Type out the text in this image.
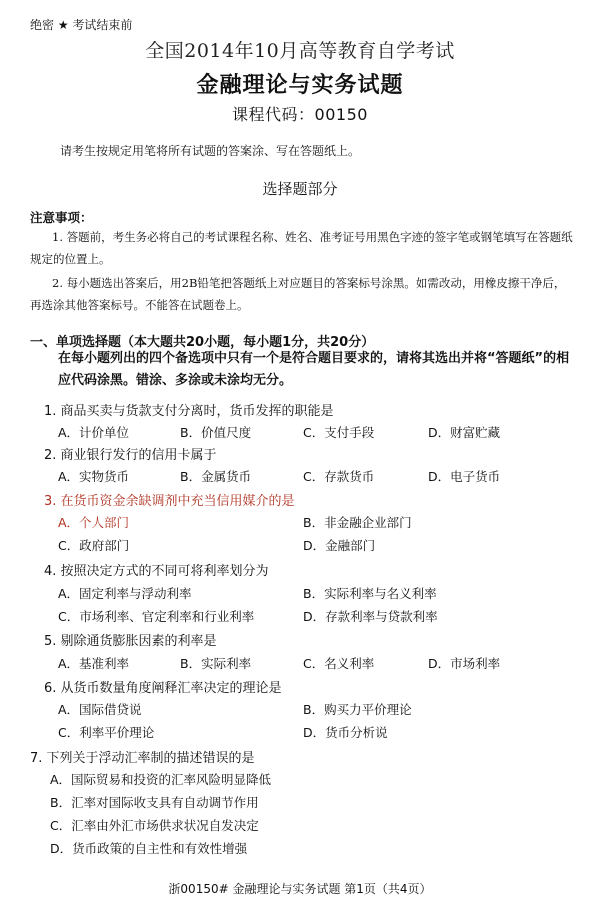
绝密 ★ 考试结束前
全国2014年10月高等教育自学考试
金融理论与实务试题
课程代码：00150
请考生按规定用笔将所有试题的答案涂、写在答题纸上。
选择题部分
注意事项：
1. 答题前，考生务必将自己的考试课程名称、姓名、准考证号用黑色字迹的签字笔或钢笔填写在答题纸规定的位置上。
2. 每小题选出答案后，用2B铅笔把答题纸上对应题目的答案标号涂黑。如需改动，用橡皮擦干净后，再选涂其他答案标号。不能答在试题卷上。
一、单项选择题（本大题共20小题，每小题1分，共20分）
在每小题列出的四个备选项中只有一个是符合题目要求的，请将其选出并将“答题纸”的相应代码涂黑。错涂、多涂或未涂均无分。
1. 商品买卖与货款支付分离时，货币发挥的职能是
A．计价单位	B．价值尺度	C．支付手段	D．财富贮藏
2. 商业银行发行的信用卡属于
A．实物货币	B．金属货币	C．存款货币	D．电子货币
3. 在货币资金余缺调剂中充当信用媒介的是
A．个人部门	B．非金融企业部门
C．政府部门	D．金融部门
4. 按照决定方式的不同可将利率划分为
A．固定利率与浮动利率	B．实际利率与名义利率
C．市场利率、官定利率和行业利率	D．存款利率与贷款利率
5. 剔除通货膨胀因素的利率是
A．基准利率	B．实际利率	C．名义利率	D．市场利率
6. 从货币数量角度阐释汇率决定的理论是
A．国际借贷说	B．购买力平价理论
C．利率平价理论	D．货币分析说
7. 下列关于浮动汇率制的描述错误的是
A．国际贸易和投资的汇率风险明显降低
B．汇率对国际收支具有自动调节作用
C．汇率由外汇市场供求状况自发决定
D．货币政策的自主性和有效性增强
浙00150# 金融理论与实务试题 第1页（共4页）
